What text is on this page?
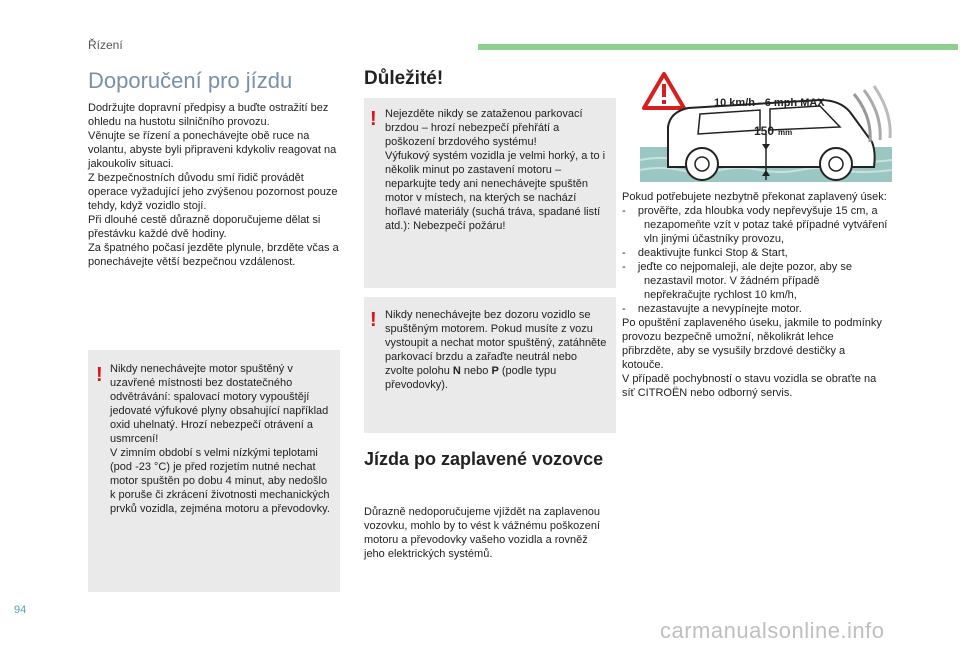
Řízení
Doporučení pro jízdu

Dodržujte dopravní předpisy a buďte ostražití bez ohledu na hustotu silničního provozu.

Věnujte se řízení a ponechávejte obě ruce na volantu, abyste byli připraveni kdykoliv reagovat na jakoukoliv situaci.

Z bezpečnostních důvodu smí řidič provádět operace vyžadující jeho zvýšenou pozornost pouze tehdy, když vozidlo stojí.

Při dlouhé cestě důrazně doporučujeme dělat si přestávku každé dvě hodiny.

Za špatného počasí jezděte plynule, brzděte včas a ponechávejte větší bezpečnou vzdálenost.

! Nikdy nenechávejte motor spuštěný v uzavřené místnosti bez dostatečného odvětrávání: spalovací motory vypouštějí jedovaté výfukové plyny obsahující například oxid uhelnatý. Hrozí nebezpečí otrávení a usmrcení!

V zimním období s velmi nízkými teplotami (pod -23 °C) je před rozjetím nutné nechat motor spuštěn po dobu 4 minut, aby nedošlo k poruše či zkrácení životnosti mechanických prvků vozidla, zejména motoru a převodovky.

Důležité!
! Nejezděte nikdy se zataženou parkovací brzdou – hrozí nebezpečí přehřátí a poškození brzdového systému!

Výfukový systém vozidla je velmi horký, a to i několik minut po zastavení motoru – neparkujte tedy ani nenechávejte spuštěn motor v místech, na kterých se nachází hořlavé materiály (suchá tráva, spadané listí atd.): Nebezpečí požáru!

! Nikdy nenechávejte bez dozoru vozidlo se spuštěným motorem. Pokud musíte z vozu vystoupit a nechat motor spuštěný, zatáhněte parkovací brzdu a zařaďte neutrál nebo zvolte polohu N nebo P (podle typu převodovky).

Jízda po zaplavené vozovce
Důrazně nedoporučujeme vjíždět na zaplavenou vozovku, mohlo by to vést k vážnému poškození motoru a převodovky vašeho vozidla a rovněž jeho elektrických systémů.
10 km/h - 6 mph MAX
150 mm

Pokud potřebujete nezbytně překonat zaplavený úsek:

-    prověřte, zda hloubka vody nepřevyšuje 15 cm, a nezapomeňte vzít v potaz také případné vytváření vln jinými účastníky provozu,

-    deaktivujte funkci Stop & Start,

-    jeďte co nejpomaleji, ale dejte pozor, aby se nezastavil motor. V žádném případě nepřekračujte rychlost 10 km/h,

-    nezastavujte a nevypínejte motor.

Po opuštění zaplaveného úseku, jakmile to podmínky provozu bezpečně umožní, několikrát lehce přibrzděte, aby se vysušily brzdové destičky a kotouče.

V případě pochybností o stavu vozidla se obraťte na síť CITROËN nebo odborný servis.

94
carmanualsonline.info
